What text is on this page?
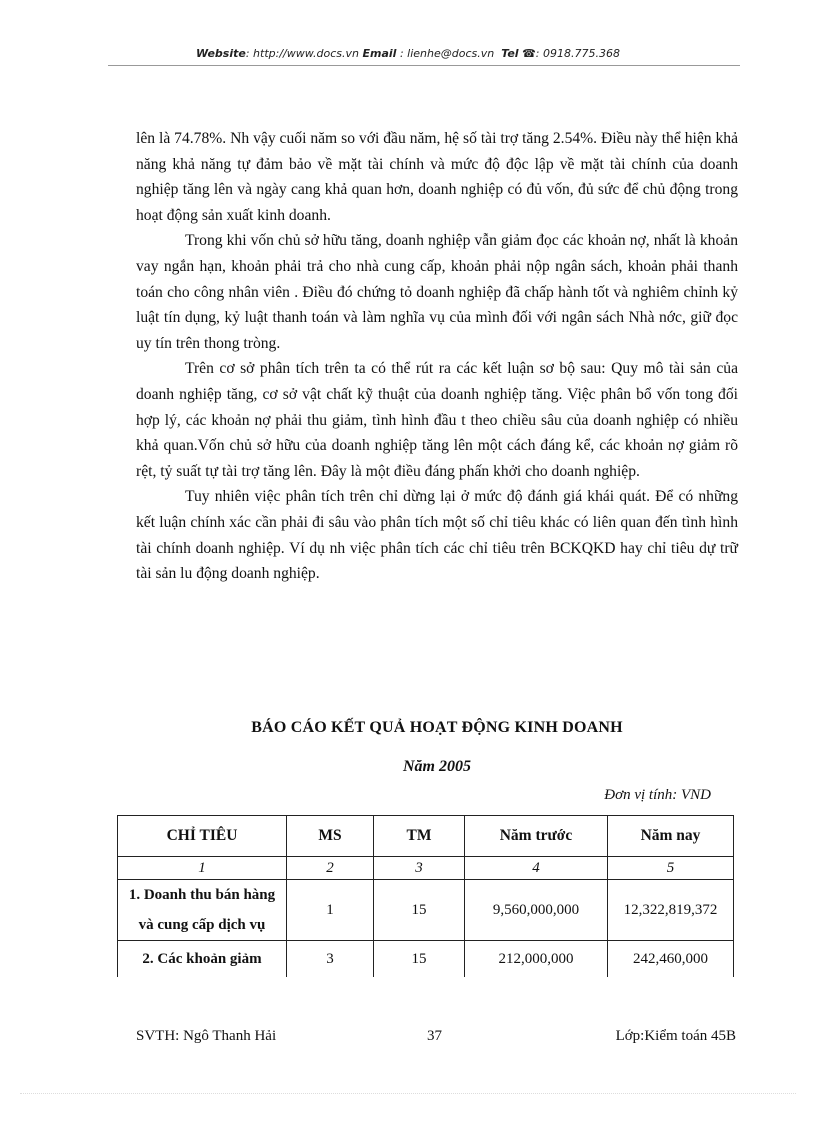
Website: http://www.docs.vn Email : lienhe@docs.vn Tel ☎: 0918.775.368

lên là 74.78%. Nh vậy cuối năm so với đầu năm, hệ số tài trợ tăng 2.54%. Điều này thể hiện khả năng khả năng tự đảm bảo về mặt tài chính và mức độ độc lập về mặt tài chính của doanh nghiệp tăng lên và ngày cang khả quan hơn, doanh nghiệp có đủ vốn, đủ sức để chủ động trong hoạt động sản xuất kinh doanh.

Trong khi vốn chủ sở hữu tăng, doanh nghiệp vẫn giảm đọc các khoản nợ, nhất là khoản vay ngắn hạn, khoản phải trả cho nhà cung cấp, khoản phải nộp ngân sách, khoản phải thanh toán cho công nhân viên . Điều đó chứng tỏ doanh nghiệp đã chấp hành tốt và nghiêm chỉnh kỷ luật tín dụng, kỷ luật thanh toán và làm nghĩa vụ của mình đối với ngân sách Nhà nớc, giữ đọc uy tín trên thong tròng.

Trên cơ sở phân tích trên ta có thể rút ra các kết luận sơ bộ sau: Quy mô tài sản của doanh nghiệp tăng, cơ sở vật chất kỹ thuật của doanh nghiệp tăng. Việc phân bổ vốn tong đối hợp lý, các khoản nợ phải thu giảm, tình hình đầu t theo chiều sâu của doanh nghiệp có nhiều khả quan.Vốn chủ sở hữu của doanh nghiệp tăng lên một cách đáng kể, các khoản nợ giảm rõ rệt, tỷ suất tự tài trợ tăng lên. Đây là một điều đáng phấn khởi cho doanh nghiệp.

Tuy nhiên việc phân tích trên chỉ dừng lại ở mức độ đánh giá khái quát. Để có những kết luận chính xác cần phải đi sâu vào phân tích một số chỉ tiêu khác có liên quan đến tình hình tài chính doanh nghiệp. Ví dụ nh việc phân tích các chỉ tiêu trên BCKQKD hay chỉ tiêu dự trữ tài sản lu động doanh nghiệp.

BÁO CÁO KẾT QUẢ HOẠT ĐỘNG KINH DOANH
Năm 2005
Đơn vị tính: VND
CHỈ TIÊU	MS	TM	Năm trước	Năm nay
1	2	3	4	5
1. Doanh thu bán hàng và cung cấp dịch vụ	1	15	9,560,000,000	12,322,819,372
2. Các khoản giảm	3	15	212,000,000	242,460,000
SVTH: Ngô Thanh Hải	37	Lớp:Kiểm toán 45B
